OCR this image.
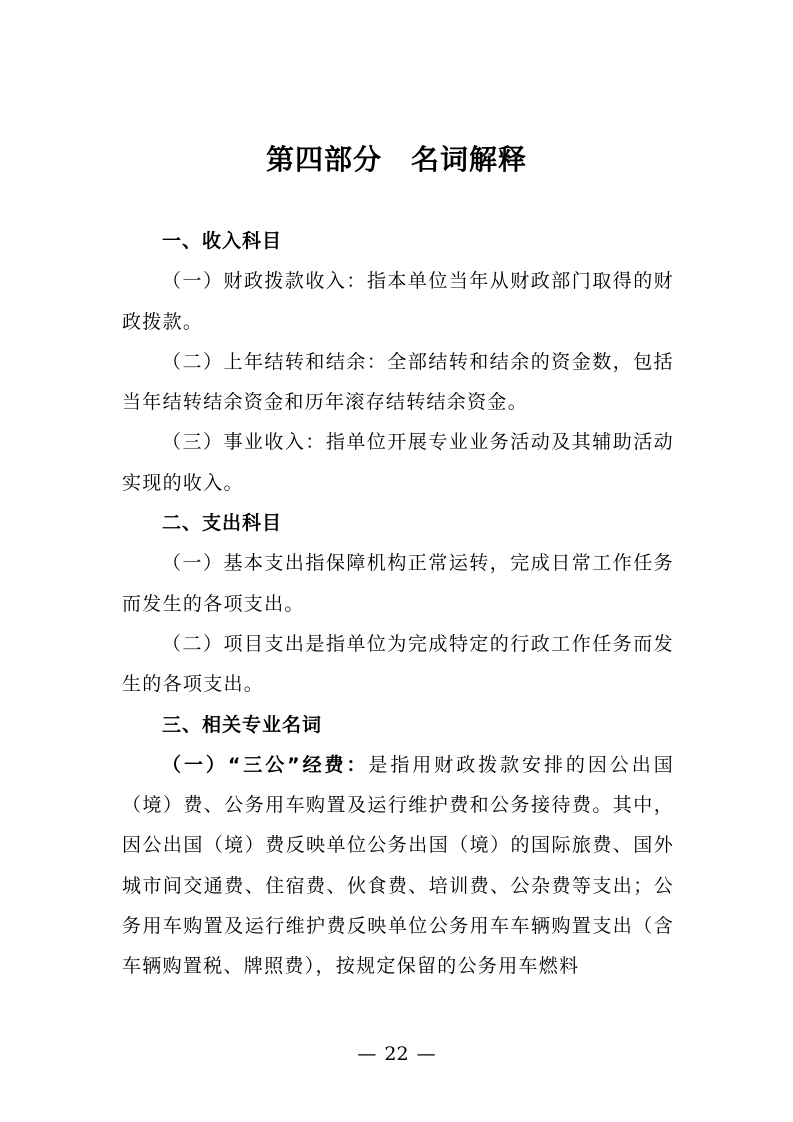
第四部分　名词解释

一、收入科目

（一）财政拨款收入：指本单位当年从财政部门取得的财政拨款。

（二）上年结转和结余：全部结转和结余的资金数，包括当年结转结余资金和历年滚存结转结余资金。

（三）事业收入：指单位开展专业业务活动及其辅助活动实现的收入。

二、支出科目

（一）基本支出指保障机构正常运转，完成日常工作任务而发生的各项支出。

（二）项目支出是指单位为完成特定的行政工作任务而发生的各项支出。

三、相关专业名词

（一）“三公”经费：是指用财政拨款安排的因公出国（境）费、公务用车购置及运行维护费和公务接待费。其中，因公出国（境）费反映单位公务出国（境）的国际旅费、国外城市间交通费、住宿费、伙食费、培训费、公杂费等支出；公务用车购置及运行维护费反映单位公务用车车辆购置支出（含车辆购置税、牌照费），按规定保留的公务用车燃料

— 22 —
